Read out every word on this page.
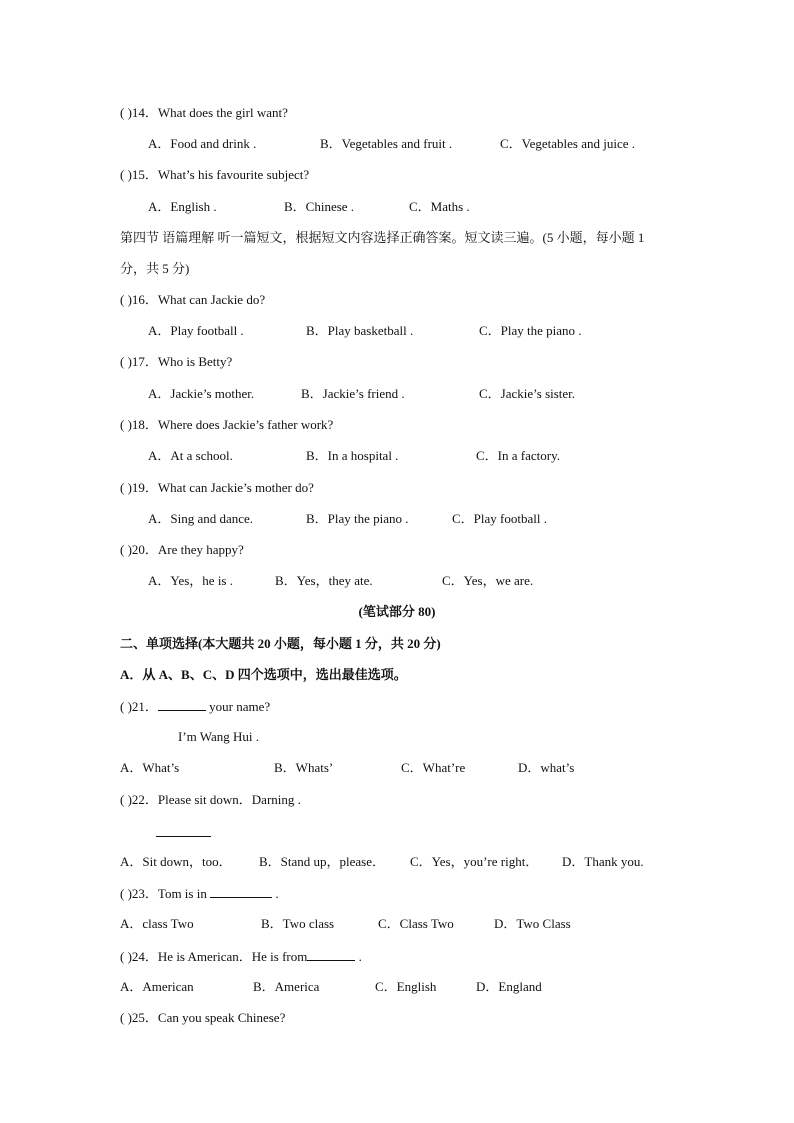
( )14．What does the girl want?
A．Food and drink .	B．Vegetables and fruit .	C．Vegetables and juice .
( )15．What’s his favourite subject?
A．English .	B．Chinese .	C．Maths .
第四节 语篇理解 听一篇短文，根据短文内容选择正确答案。短文读三遍。(5 小题，每小题 1
分，共 5 分)
( )16．What can Jackie do?
A．Play football .	B．Play basketball .	C．Play the piano .
( )17．Who is Betty?
A．Jackie’s mother.	B．Jackie’s friend .	C．Jackie’s sister.
( )18．Where does Jackie’s father work?
A．At a school.	B．In a hospital .	C．In a factory.
( )19．What can Jackie’s mother do?
A．Sing and dance.	B．Play the piano .	C．Play football .
( )20．Are they happy?
A．Yes，he is .	B．Yes，they ate.	C．Yes，we are.
(笔试部分 80)
二、单项选择(本大题共 20 小题，每小题 1 分，共 20 分)
A．从 A、B、C、D 四个选项中，选出最佳选项。
( )21．	your name?
I’m Wang Hui .
A．What’s	B．Whats’	C．What’re	D．what’s
( )22．Please sit down．Darning .
A．Sit down，too． B．Stand up，please． C．Yes，you’re right． D．Thank you.
( )23．Tom is in	.
A．class Two	B．Two class	C．Class Two	D．Two Class
( )24．He is American．He is from	.
A．American	B．America	C．English	D．England
( )25．Can you speak Chinese?
